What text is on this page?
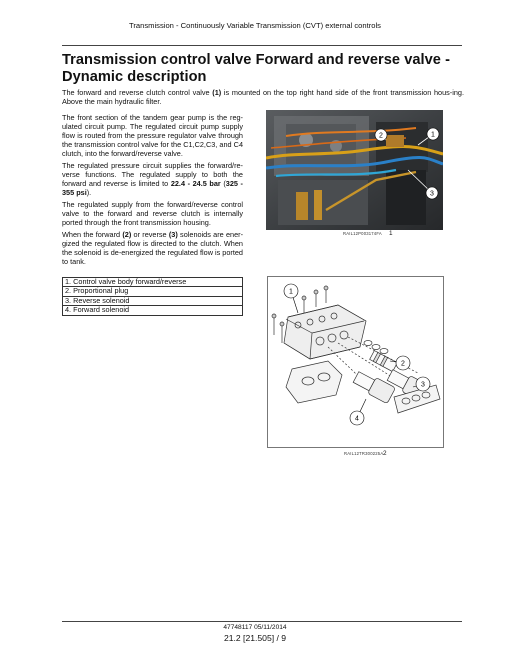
Transmission - Continuously Variable Transmission (CVT) external controls
Transmission control valve Forward and reverse valve - Dynamic description
The forward and reverse clutch control valve (1) is mounted on the top right hand side of the front transmission hous-ing. Above the main hydraulic filter.
The front section of the tandem gear pump is the reg-ulated circuit pump. The regulated circuit pump supply flow is routed from the pressure regulator valve through the transmission control valve for the C1,C2,C3, and C4 clutch, into the forward/reverse valve.
The regulated pressure circuit supplies the forward/re-verse functions. The regulated supply to both the forward and reverse is limited to 22.4 - 24.5 bar (325 - 355 psi).
The regulated supply from the forward/reverse control valve to the forward and reverse clutch is internally ported through the front transmission housing.
When the forward (2) or reverse (3) solenoids are ener-gized the regulated flow is directed to the clutch. When the solenoid is de-energized the regulated flow is ported to tank.
1. Control valve body forward/reverse
2. Proportional plug
3. Reverse solenoid
4. Forward solenoid
2	1
3
RAIL12P003174FA 1
1
2
3
4
RAIL12TR300225A 2
47748117 05/11/2014
21.2 [21.505] / 9
